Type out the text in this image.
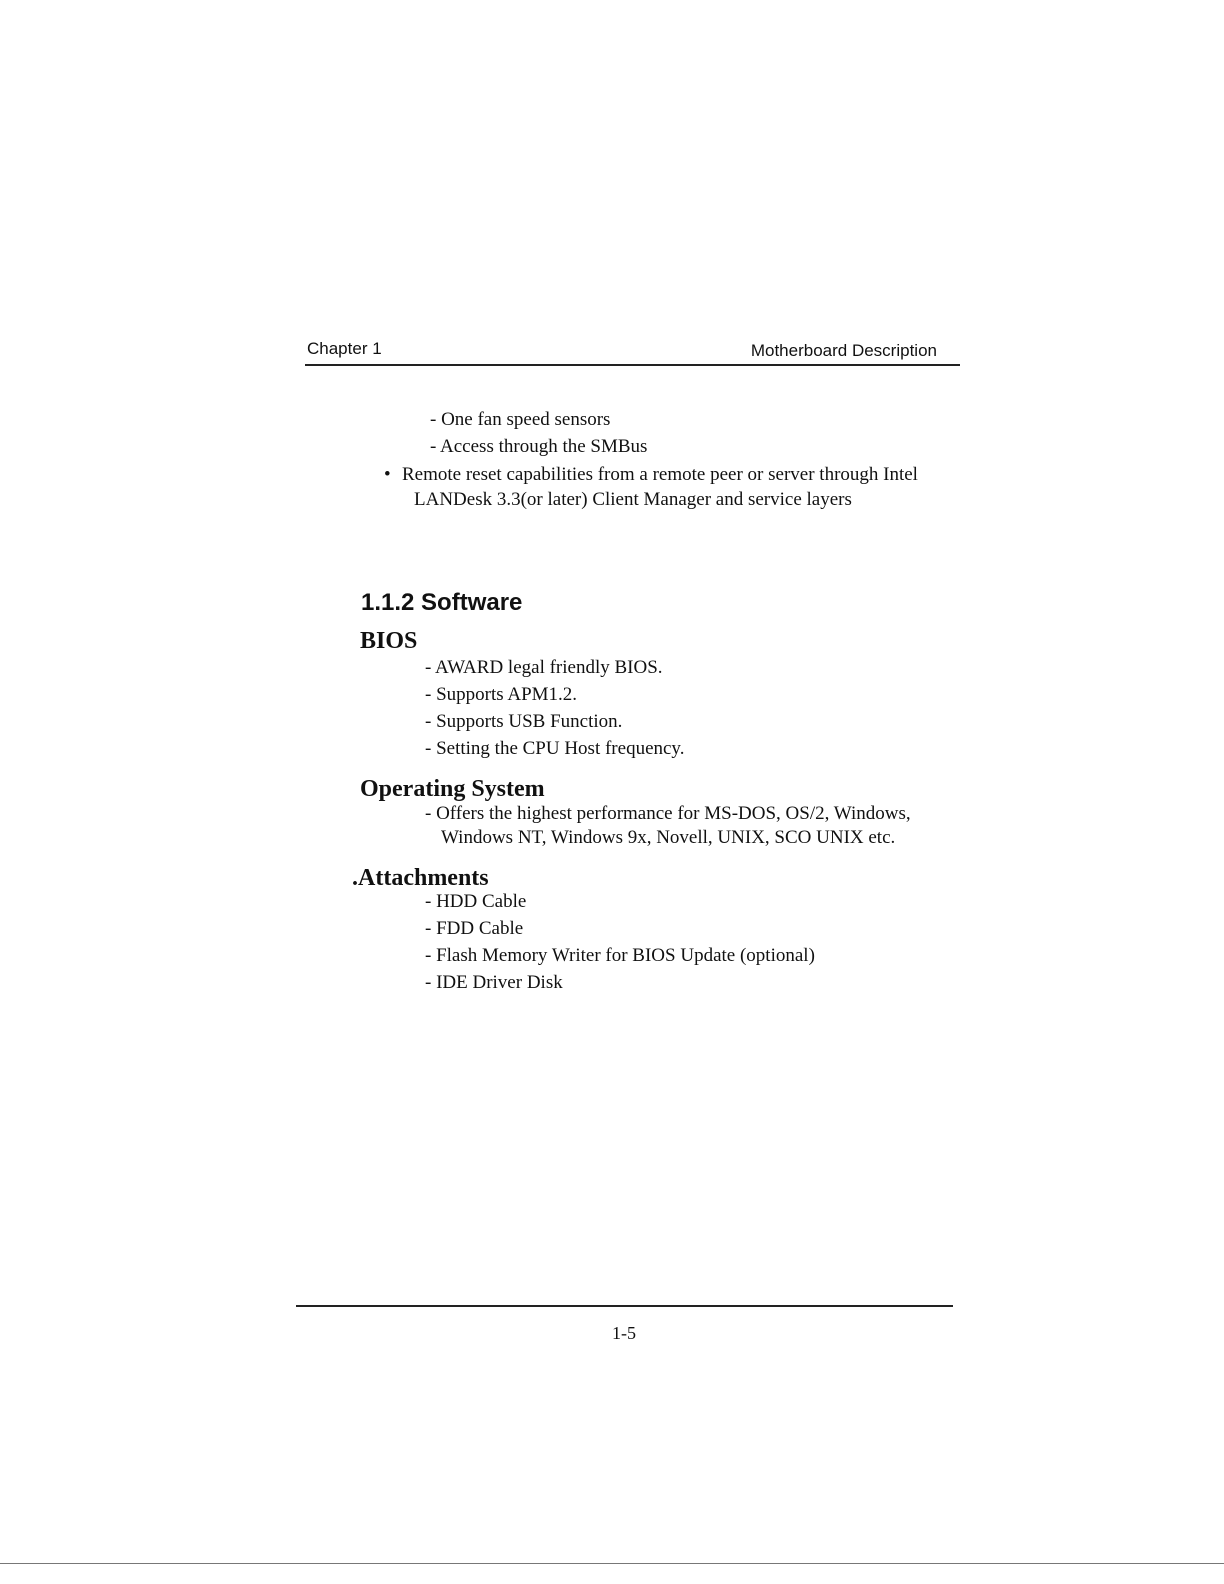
Chapter 1	Motherboard Description
- One fan speed sensors
- Access through the SMBus
• Remote reset capabilities from a remote peer or server through Intel
LANDesk 3.3(or later) Client Manager and service layers
1.1.2 Software
BIOS
- AWARD legal friendly BIOS.
- Supports APM1.2.
- Supports USB Function.
- Setting the CPU Host frequency.
Operating System
- Offers the highest performance for MS-DOS, OS/2, Windows,
Windows NT, Windows 9x, Novell, UNIX, SCO UNIX etc.
.Attachments
- HDD Cable
- FDD Cable
- Flash Memory Writer for BIOS Update (optional)
- IDE Driver Disk
1-5
